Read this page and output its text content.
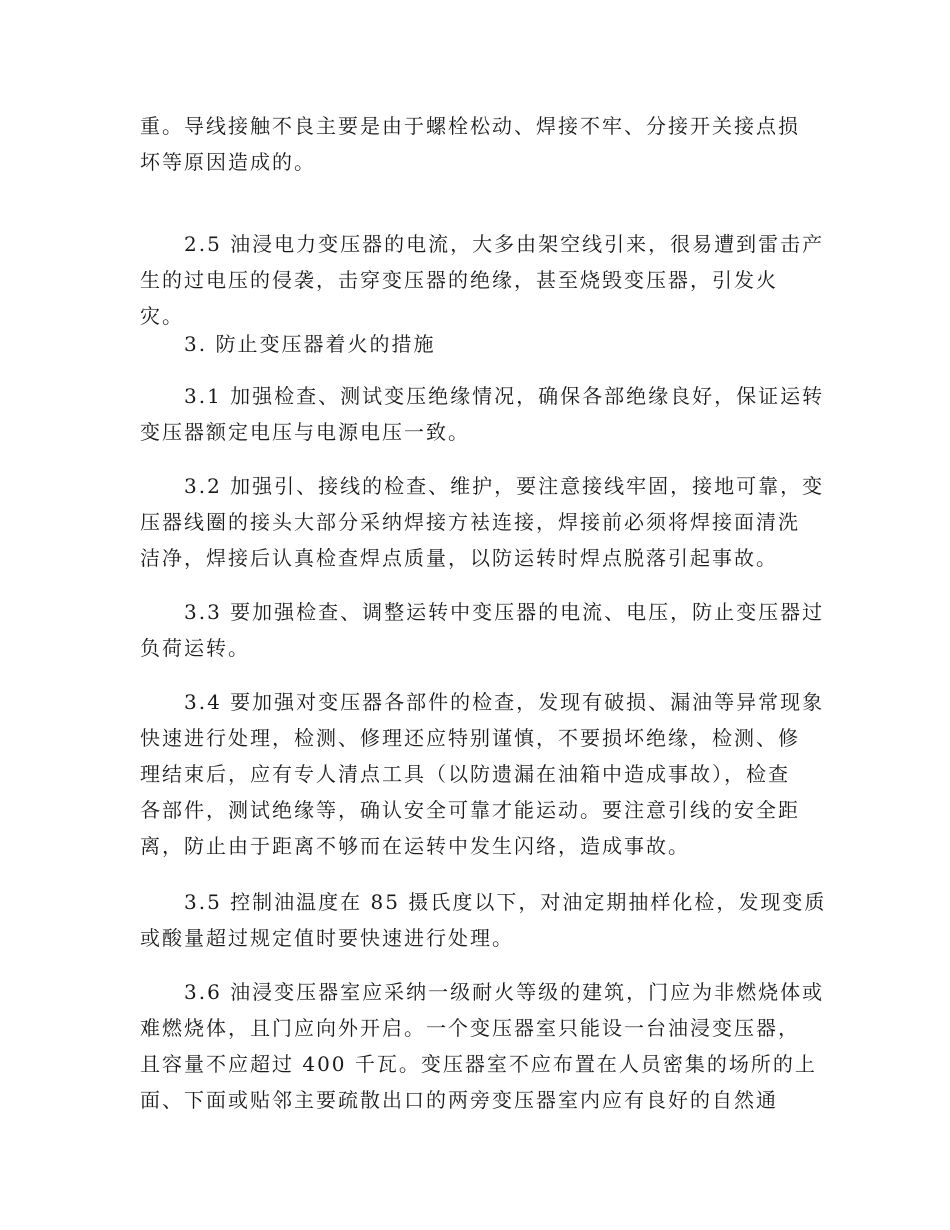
重。导线接触不良主要是由于螺栓松动、焊接不牢、分接开关接点损
坏等原因造成的。
2.5 油浸电力变压器的电流，大多由架空线引来，很易遭到雷击产
生的过电压的侵袭，击穿变压器的绝缘，甚至烧毁变压器，引发火
灾。
3. 防止变压器着火的措施
3.1 加强检查、测试变压绝缘情况，确保各部绝缘良好，保证运转
变压器额定电压与电源电压一致。
3.2 加强引、接线的检查、维护，要注意接线牢固，接地可靠，变
压器线圈的接头大部分采纳焊接方袪连接，焊接前必须将焊接面清洗
洁净，焊接后认真检查焊点质量，以防运转时焊点脱落引起事故。
3.3 要加强检查、调整运转中变压器的电流、电压，防止变压器过
负荷运转。
3.4 要加强对变压器各部件的检查，发现有破损、漏油等异常现象
快速进行处理，检测、修理还应特别谨慎，不要损坏绝缘，检测、修
理结束后，应有专人清点工具（以防遗漏在油箱中造成事故），检查
各部件，测试绝缘等，确认安全可靠才能运动。要注意引线的安全距
离，防止由于距离不够而在运转中发生闪络，造成事故。
3.5 控制油温度在 85 摄氏度以下，对油定期抽样化检，发现变质
或酸量超过规定值时要快速进行处理。
3.6 油浸变压器室应采纳一级耐火等级的建筑，门应为非燃烧体或
难燃烧体，且门应向外开启。一个变压器室只能设一台油浸变压器，
且容量不应超过 400 千瓦。变压器室不应布置在人员密集的场所的上
面、下面或贴邻主要疏散出口的两旁变压器室内应有良好的自然通
